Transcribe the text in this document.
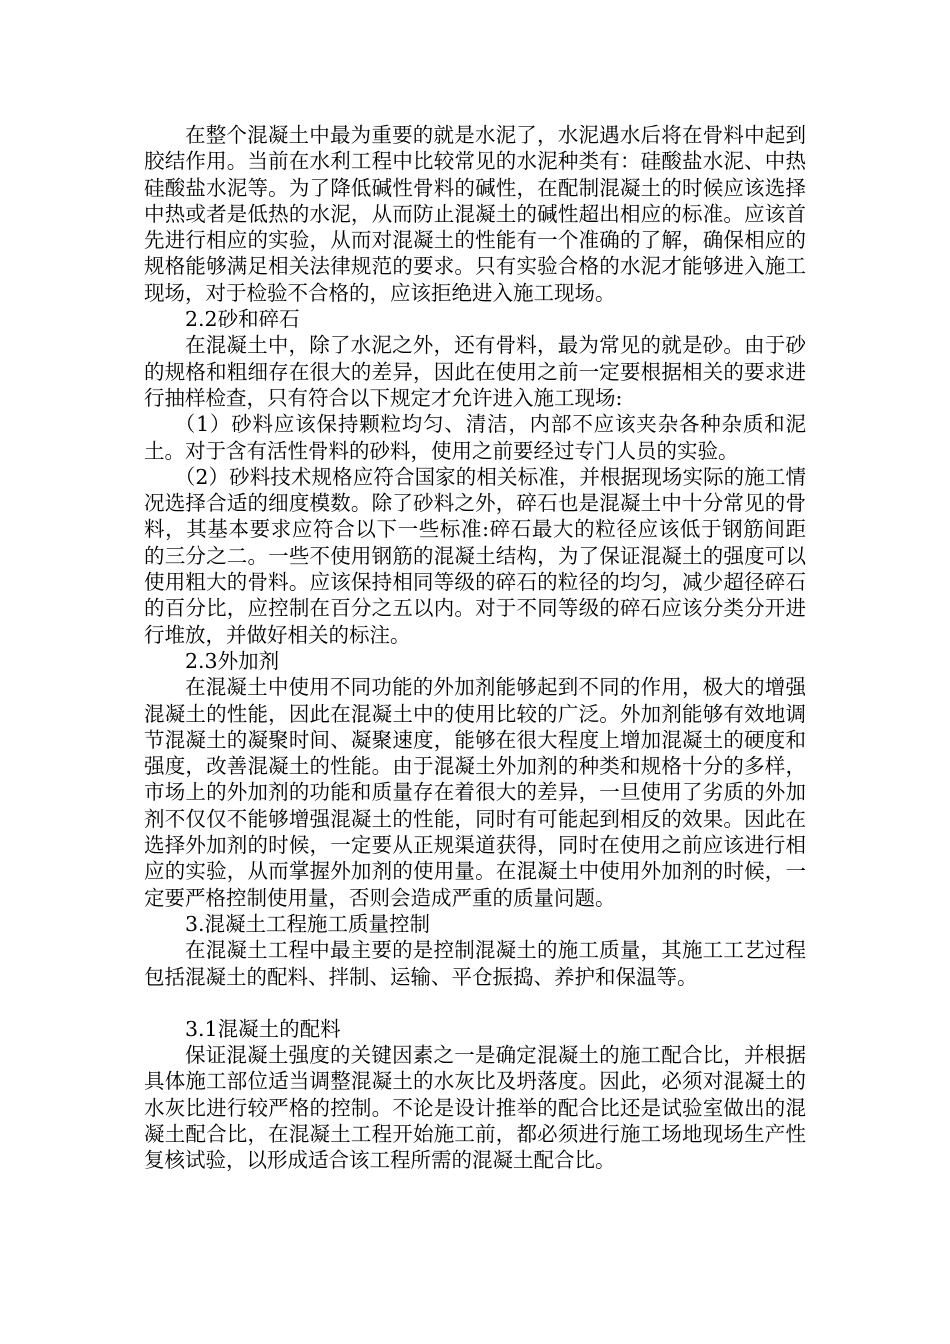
在整个混凝土中最为重要的就是水泥了，水泥遇水后将在骨料中起到胶结作用。当前在水利工程中比较常见的水泥种类有：硅酸盐水泥、中热硅酸盐水泥等。为了降低碱性骨料的碱性，在配制混凝土的时候应该选择中热或者是低热的水泥，从而防止混凝土的碱性超出相应的标准。应该首先进行相应的实验，从而对混凝土的性能有一个准确的了解，确保相应的规格能够满足相关法律规范的要求。只有实验合格的水泥才能够进入施工现场，对于检验不合格的，应该拒绝进入施工现场。

2.2砂和碎石

在混凝土中，除了水泥之外，还有骨料，最为常见的就是砂。由于砂的规格和粗细存在很大的差异，因此在使用之前一定要根据相关的要求进行抽样检查，只有符合以下规定才允许进入施工现场:

（1）砂料应该保持颗粒均匀、清洁，内部不应该夹杂各种杂质和泥土。对于含有活性骨料的砂料，使用之前要经过专门人员的实验。

（2）砂料技术规格应符合国家的相关标准，并根据现场实际的施工情况选择合适的细度模数。除了砂料之外，碎石也是混凝土中十分常见的骨料，其基本要求应符合以下一些标准:碎石最大的粒径应该低于钢筋间距的三分之二。一些不使用钢筋的混凝土结构，为了保证混凝土的强度可以使用粗大的骨料。应该保持相同等级的碎石的粒径的均匀，减少超径碎石的百分比，应控制在百分之五以内。对于不同等级的碎石应该分类分开进行堆放，并做好相关的标注。

2.3外加剂

在混凝土中使用不同功能的外加剂能够起到不同的作用，极大的增强混凝土的性能，因此在混凝土中的使用比较的广泛。外加剂能够有效地调节混凝土的凝聚时间、凝聚速度，能够在很大程度上增加混凝土的硬度和强度，改善混凝土的性能。由于混凝土外加剂的种类和规格十分的多样，市场上的外加剂的功能和质量存在着很大的差异，一旦使用了劣质的外加剂不仅仅不能够增强混凝土的性能，同时有可能起到相反的效果。因此在选择外加剂的时候，一定要从正规渠道获得，同时在使用之前应该进行相应的实验，从而掌握外加剂的使用量。在混凝土中使用外加剂的时候，一定要严格控制使用量，否则会造成严重的质量问题。

3.混凝土工程施工质量控制

在混凝土工程中最主要的是控制混凝土的施工质量，其施工工艺过程包括混凝土的配料、拌制、运输、平仓振捣、养护和保温等。

3.1混凝土的配料

保证混凝土强度的关键因素之一是确定混凝土的施工配合比，并根据具体施工部位适当调整混凝土的水灰比及坍落度。因此，必须对混凝土的水灰比进行较严格的控制。不论是设计推举的配合比还是试验室做出的混凝土配合比，在混凝土工程开始施工前，都必须进行施工场地现场生产性复核试验，以形成适合该工程所需的混凝土配合比。
